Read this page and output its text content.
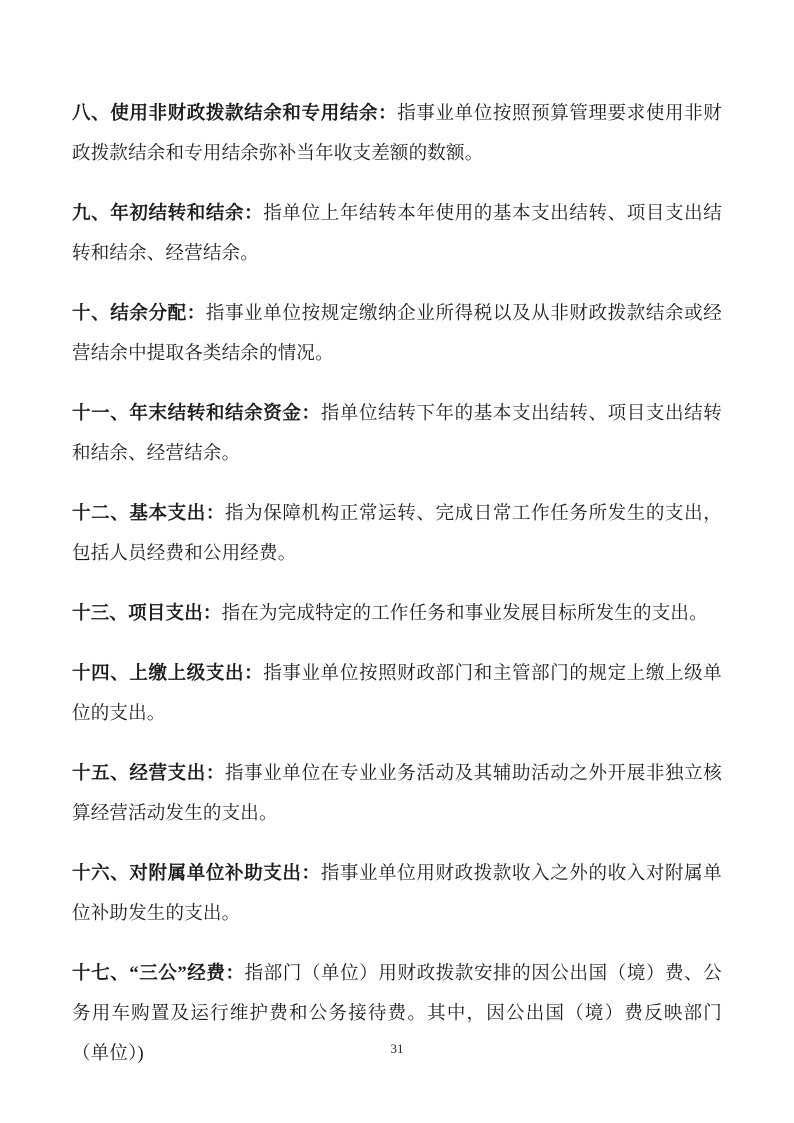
八、使用非财政拨款结余和专用结余：指事业单位按照预算管理要求使用非财政拨款结余和专用结余弥补当年收支差额的数额。

九、年初结转和结余：指单位上年结转本年使用的基本支出结转、项目支出结转和结余、经营结余。

十、结余分配：指事业单位按规定缴纳企业所得税以及从非财政拨款结余或经营结余中提取各类结余的情况。

十一、年末结转和结余资金：指单位结转下年的基本支出结转、项目支出结转和结余、经营结余。

十二、基本支出：指为保障机构正常运转、完成日常工作任务所发生的支出，包括人员经费和公用经费。

十三、项目支出：指在为完成特定的工作任务和事业发展目标所发生的支出。

十四、上缴上级支出：指事业单位按照财政部门和主管部门的规定上缴上级单位的支出。

十五、经营支出：指事业单位在专业业务活动及其辅助活动之外开展非独立核算经营活动发生的支出。

十六、对附属单位补助支出：指事业单位用财政拨款收入之外的收入对附属单位补助发生的支出。

十七、“三公”经费：指部门（单位）用财政拨款安排的因公出国（境）费、公务用车购置及运行维护费和公务接待费。其中，因公出国（境）费反映部门（单位）)	31
